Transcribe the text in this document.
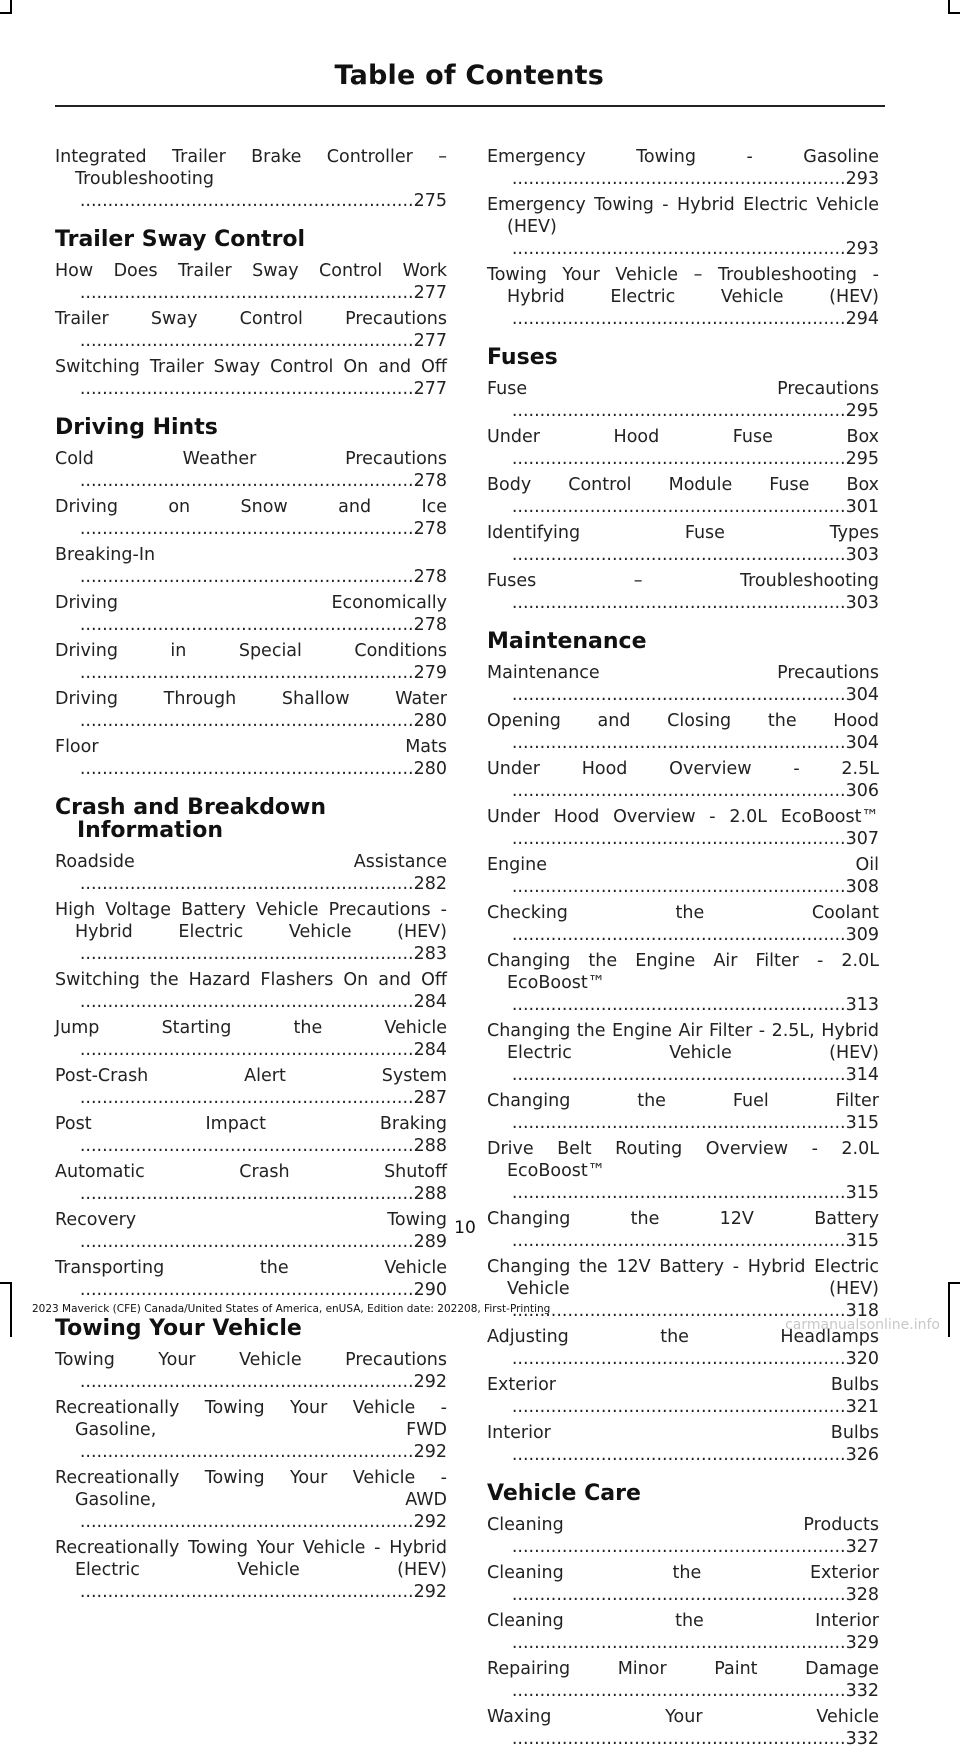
Table of Contents
Integrated Trailer Brake Controller – Troubleshooting ............................................................275
Trailer Sway Control
How Does Trailer Sway Control Work ............................................................277
Trailer Sway Control Precautions ............................................................277
Switching Trailer Sway Control On and Off ............................................................277
Driving Hints
Cold Weather Precautions ............................................................278
Driving on Snow and Ice ............................................................278
Breaking-In ............................................................278
Driving Economically ............................................................278
Driving in Special Conditions ............................................................279
Driving Through Shallow Water ............................................................280
Floor Mats ............................................................280
Crash and Breakdown Information
Roadside Assistance ............................................................282
High Voltage Battery Vehicle Precautions - Hybrid Electric Vehicle (HEV) ............................................................283
Switching the Hazard Flashers On and Off ............................................................284
Jump Starting the Vehicle ............................................................284
Post-Crash Alert System ............................................................287
Post Impact Braking ............................................................288
Automatic Crash Shutoff ............................................................288
Recovery Towing ............................................................289
Transporting the Vehicle ............................................................290
Towing Your Vehicle
Towing Your Vehicle Precautions ............................................................292
Recreationally Towing Your Vehicle - Gasoline, FWD ............................................................292
Recreationally Towing Your Vehicle - Gasoline, AWD ............................................................292
Recreationally Towing Your Vehicle - Hybrid Electric Vehicle (HEV) ............................................................292
Emergency Towing - Gasoline ............................................................293
Emergency Towing - Hybrid Electric Vehicle (HEV) ............................................................293
Towing Your Vehicle – Troubleshooting - Hybrid Electric Vehicle (HEV) ............................................................294
Fuses
Fuse Precautions ............................................................295
Under Hood Fuse Box ............................................................295
Body Control Module Fuse Box ............................................................301
Identifying Fuse Types ............................................................303
Fuses – Troubleshooting ............................................................303
Maintenance
Maintenance Precautions ............................................................304
Opening and Closing the Hood ............................................................304
Under Hood Overview - 2.5L ............................................................306
Under Hood Overview - 2.0L EcoBoost™ ............................................................307
Engine Oil ............................................................308
Checking the Coolant ............................................................309
Changing the Engine Air Filter - 2.0L EcoBoost™ ............................................................313
Changing the Engine Air Filter - 2.5L, Hybrid Electric Vehicle (HEV) ............................................................314
Changing the Fuel Filter ............................................................315
Drive Belt Routing Overview - 2.0L EcoBoost™ ............................................................315
Changing the 12V Battery ............................................................315
Changing the 12V Battery - Hybrid Electric Vehicle (HEV) ............................................................318
Adjusting the Headlamps ............................................................320
Exterior Bulbs ............................................................321
Interior Bulbs ............................................................326
Vehicle Care
Cleaning Products ............................................................327
Cleaning the Exterior ............................................................328
Cleaning the Interior ............................................................329
Repairing Minor Paint Damage ............................................................332
Waxing Your Vehicle ............................................................332
10
2023 Maverick (CFE) Canada/United States of America, enUSA, Edition date: 202208, First-Printing
carmanualsonline.info
